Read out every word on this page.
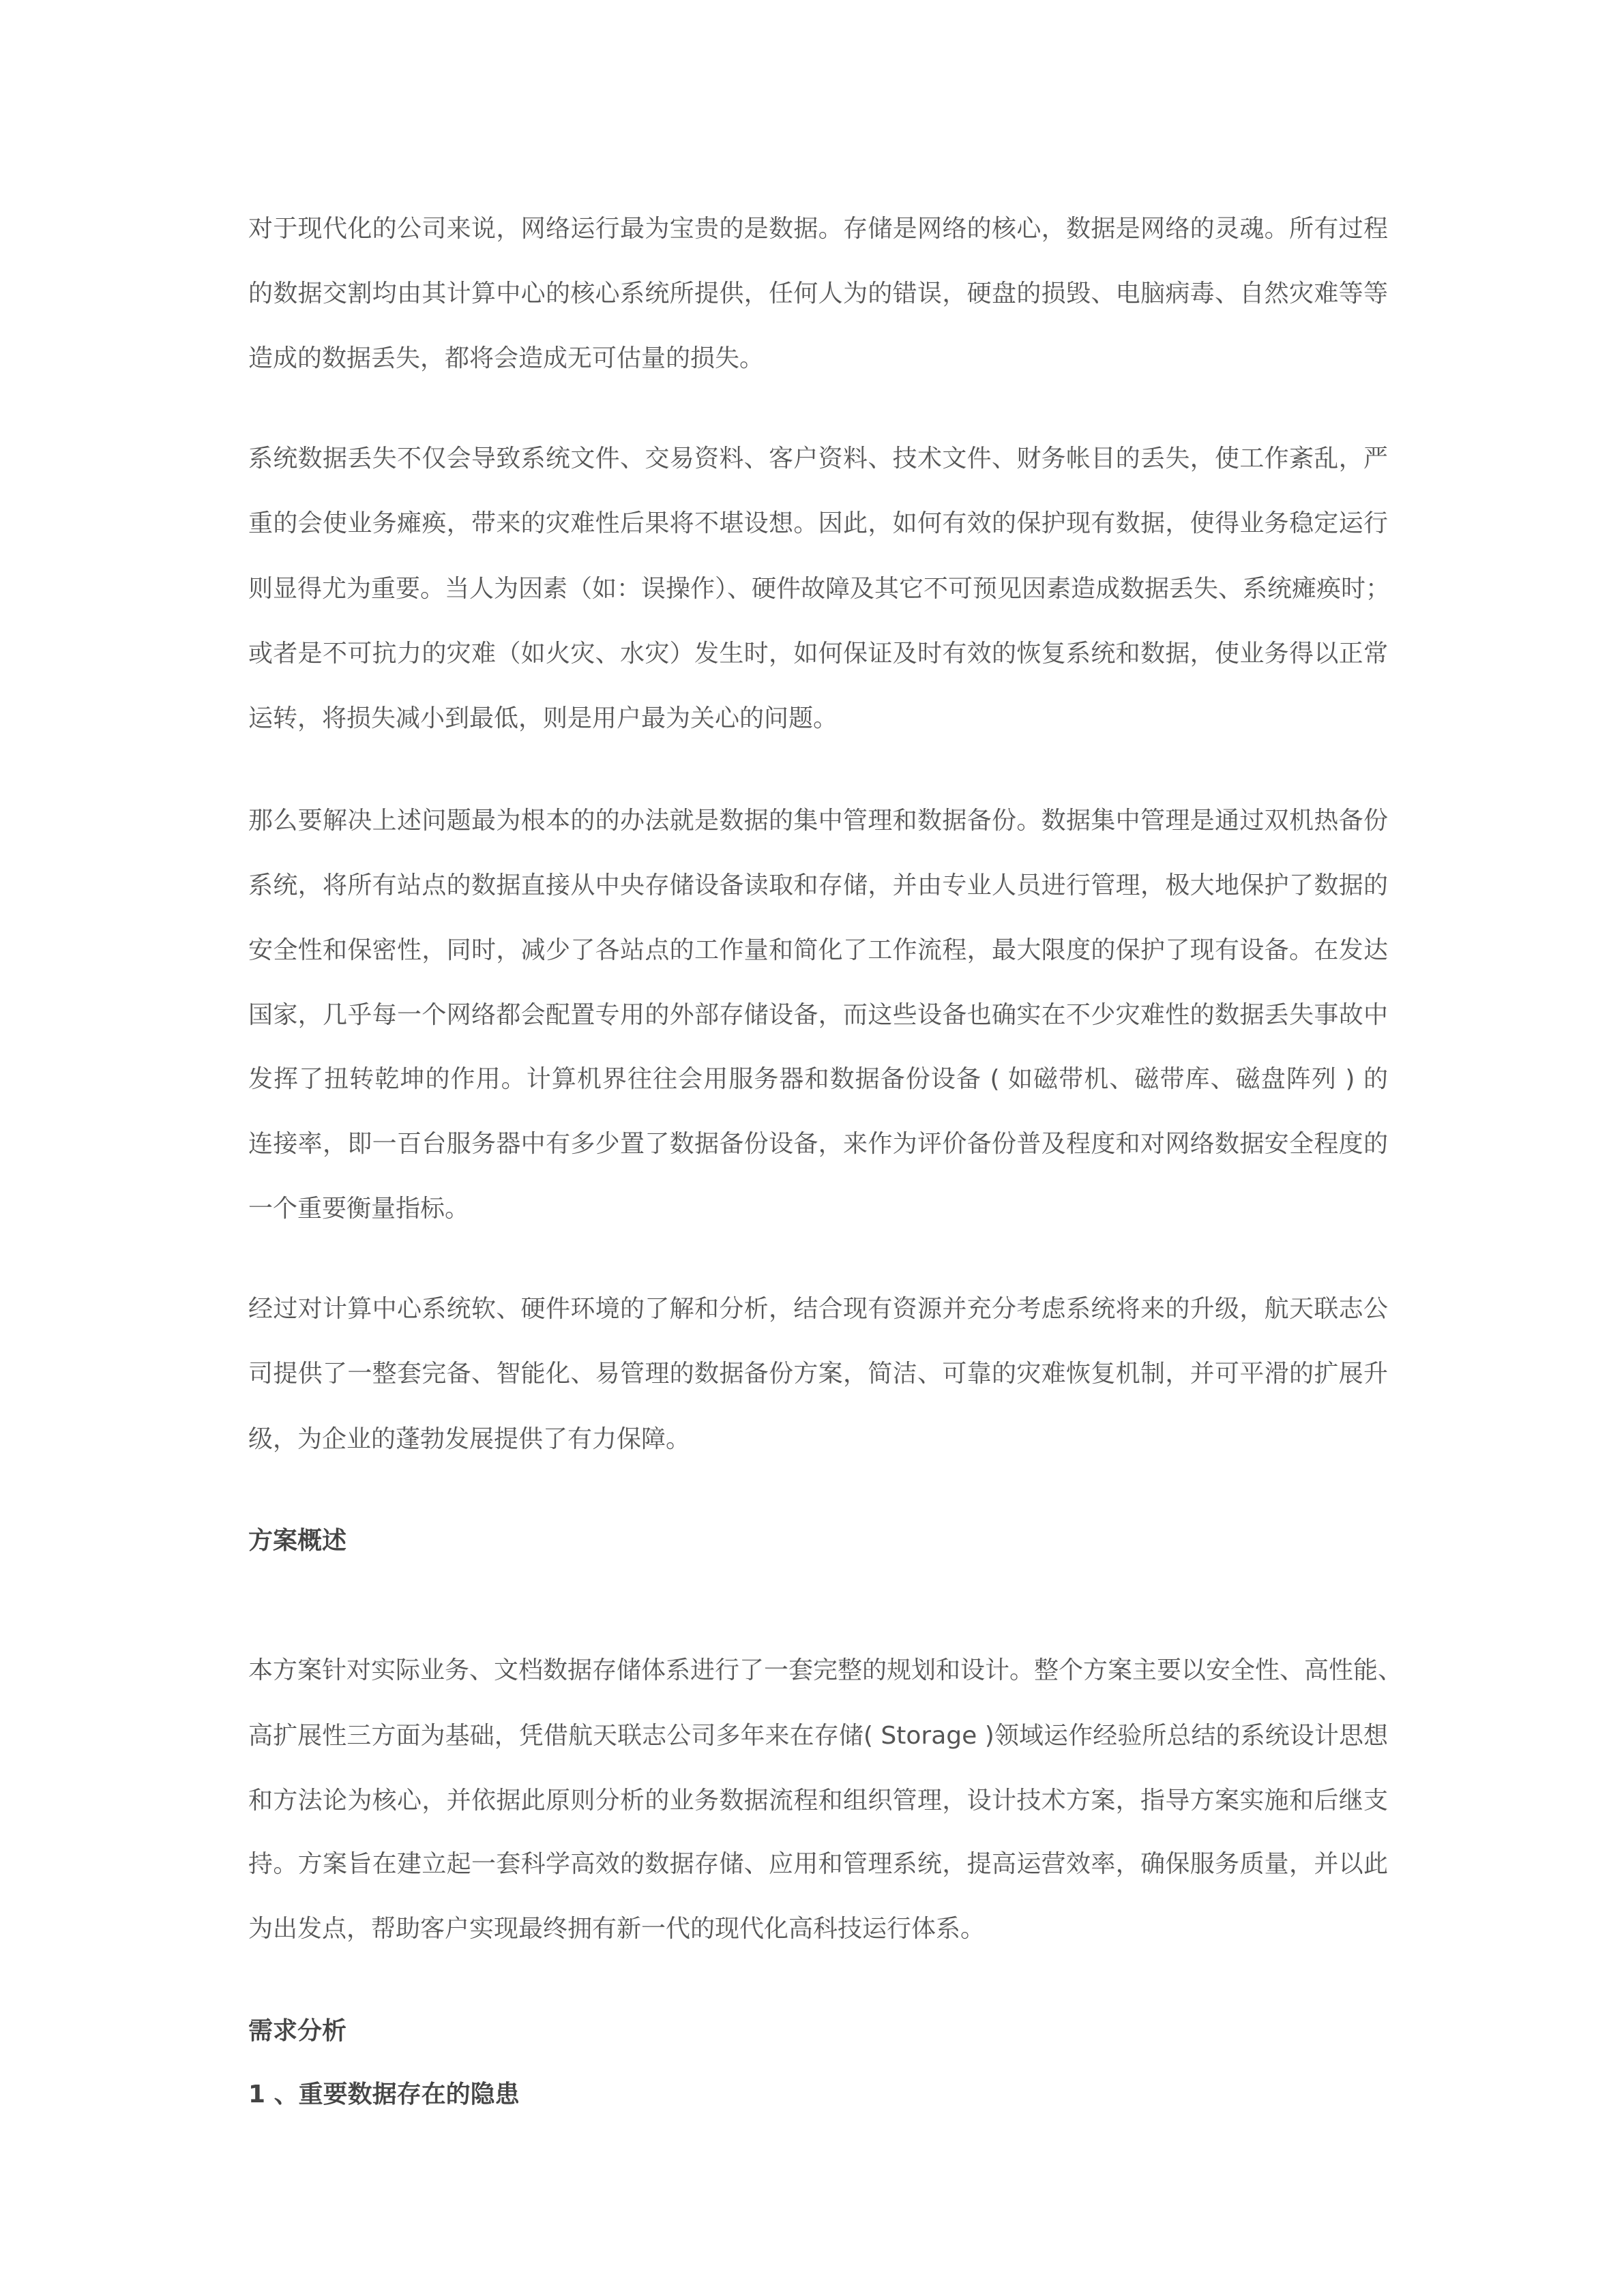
对于现代化的公司来说，网络运行最为宝贵的是数据。存储是网络的核心，数据是网络的灵魂。所有过程
的数据交割均由其计算中心的核心系统所提供，任何人为的错误，硬盘的损毁、电脑病毒、自然灾难等等
造成的数据丢失，都将会造成无可估量的损失。
系统数据丢失不仅会导致系统文件、交易资料、客户资料、技术文件、财务帐目的丢失，使工作紊乱，严
重的会使业务瘫痪，带来的灾难性后果将不堪设想。因此，如何有效的保护现有数据，使得业务稳定运行
则显得尤为重要。当人为因素（如：误操作）、硬件故障及其它不可预见因素造成数据丢失、系统瘫痪时；
或者是不可抗力的灾难（如火灾、水灾）发生时，如何保证及时有效的恢复系统和数据，使业务得以正常
运转，将损失减小到最低，则是用户最为关心的问题。
那么要解决上述问题最为根本的的办法就是数据的集中管理和数据备份。数据集中管理是通过双机热备份
系统，将所有站点的数据直接从中央存储设备读取和存储，并由专业人员进行管理，极大地保护了数据的
安全性和保密性，同时，减少了各站点的工作量和简化了工作流程，最大限度的保护了现有设备。在发达
国家，几乎每一个网络都会配置专用的外部存储设备，而这些设备也确实在不少灾难性的数据丢失事故中
发挥了扭转乾坤的作用。计算机界往往会用服务器和数据备份设备 ( 如磁带机、磁带库、磁盘阵列 ) 的
连接率，即一百台服务器中有多少置了数据备份设备，来作为评价备份普及程度和对网络数据安全程度的
一个重要衡量指标。
经过对计算中心系统软、硬件环境的了解和分析，结合现有资源并充分考虑系统将来的升级，航天联志公
司提供了一整套完备、智能化、易管理的数据备份方案，简洁、可靠的灾难恢复机制，并可平滑的扩展升
级，为企业的蓬勃发展提供了有力保障。
本方案针对实际业务、文档数据存储体系进行了一套完整的规划和设计。整个方案主要以安全性、高性能、
高扩展性三方面为基础，凭借航天联志公司多年来在存储( Storage )领域运作经验所总结的系统设计思想
和方法论为核心，并依据此原则分析的业务数据流程和组织管理，设计技术方案，指导方案实施和后继支
持。方案旨在建立起一套科学高效的数据存储、应用和管理系统，提高运营效率，确保服务质量，并以此
为出发点，帮助客户实现最终拥有新一代的现代化高科技运行体系。
方案概述
需求分析
1 、重要数据存在的隐患
